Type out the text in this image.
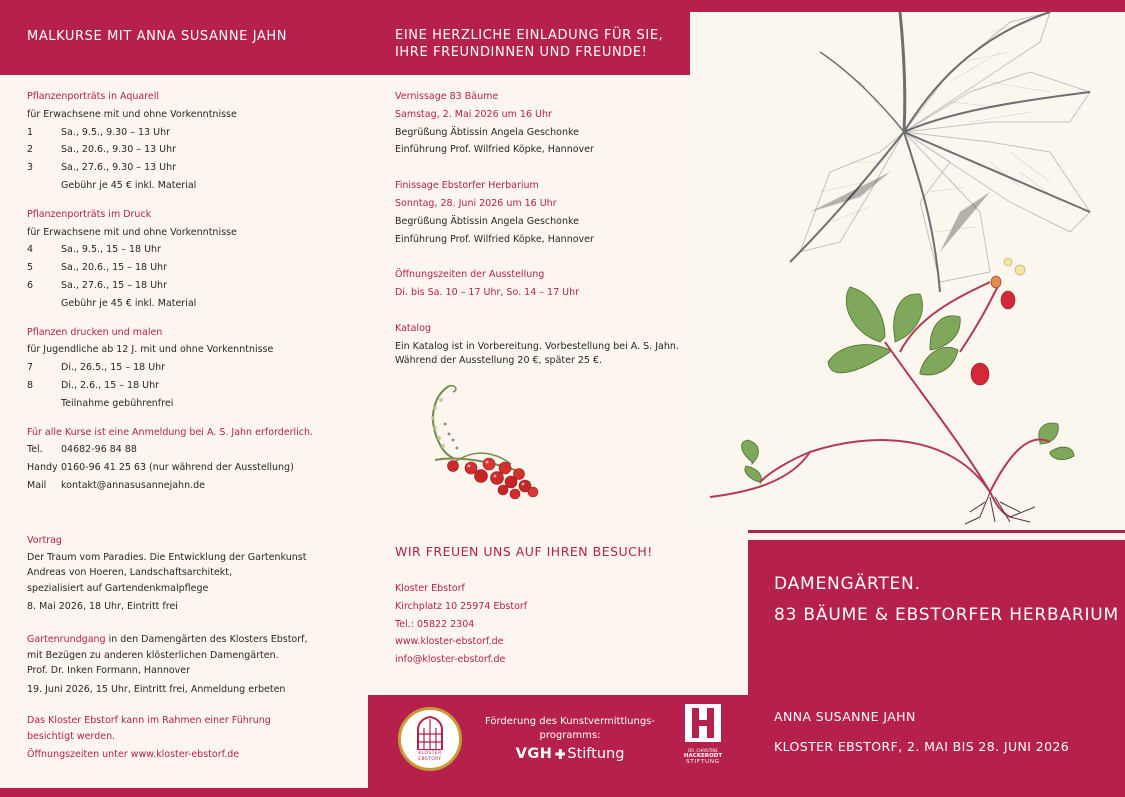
MALKURSE MIT ANNA SUSANNE JAHN
Pflanzenporträts in Aquarell
für Erwachsene mit und ohne Vorkenntnisse
1	Sa., 9.5., 9.30 – 13 Uhr
2	Sa., 20.6., 9.30 – 13 Uhr
3	Sa., 27.6., 9.30 – 13 Uhr
Gebühr je 45 € inkl. Material
Pflanzenporträts im Druck
für Erwachsene mit und ohne Vorkenntnisse
4	Sa., 9.5., 15 – 18 Uhr
5	Sa., 20.6., 15 – 18 Uhr
6	Sa., 27.6., 15 – 18 Uhr
Gebühr je 45 € inkl. Material
Pflanzen drucken und malen
für Jugendliche ab 12 J. mit und ohne Vorkenntnisse
7	Di., 26.5., 15 – 18 Uhr
8	Di., 2.6., 15 – 18 Uhr
Teilnahme gebührenfrei
Für alle Kurse ist eine Anmeldung bei A. S. Jahn erforderlich.
Tel. 04682-96 84 88
Handy 0160-96 41 25 63 (nur während der Ausstellung)
Mail kontakt@annasusannejahn.de
Vortrag
Der Traum vom Paradies. Die Entwicklung der Gartenkunst
Andreas von Hoeren, Landschaftsarchitekt,
spezialisiert auf Gartendenkmalpflege
8. Mai 2026, 18 Uhr, Eintritt frei
Gartenrundgang in den Damengärten des Klosters Ebstorf,
mit Bezügen zu anderen klösterlichen Damengärten.
Prof. Dr. Inken Formann, Hannover
19. Juni 2026, 15 Uhr, Eintritt frei, Anmeldung erbeten
Das Kloster Ebstorf kann im Rahmen einer Führung
besichtigt werden.
Öffnungszeiten unter www.kloster-ebstorf.de
EINE HERZLICHE EINLADUNG FÜR SIE,
IHRE FREUNDINNEN UND FREUNDE!
Vernissage 83 Bäume
Samstag, 2. Mai 2026 um 16 Uhr
Begrüßung Äbtissin Angela Geschonke
Einführung Prof. Wilfried Köpke, Hannover
Finissage Ebstorfer Herbarium
Sonntag, 28. Juni 2026 um 16 Uhr
Begrüßung Äbtissin Angela Geschonke
Einführung Prof. Wilfried Köpke, Hannover
Öffnungszeiten der Ausstellung
Di. bis Sa. 10 – 17 Uhr, So. 14 – 17 Uhr
Katalog
Ein Katalog ist in Vorbereitung. Vorbestellung bei A. S. Jahn.
Während der Ausstellung 20 €, später 25 €.
WIR FREUEN UNS AUF IHREN BESUCH!
Kloster Ebstorf
Kirchplatz 10 25974 Ebstorf
Tel.: 05822 2304
www.kloster-ebstorf.de
info@kloster-ebstorf.de
KLOSTER EBSTORF
Förderung des Kunstvermittlungs-
programms:
VGH Stiftung	DR. CHRISTINE
HACKERODT
STIFTUNG
DAMENGÄRTEN.
83 BÄUME & EBSTORFER HERBARIUM
ANNA SUSANNE JAHN
KLOSTER EBSTORF, 2. MAI BIS 28. JUNI 2026
